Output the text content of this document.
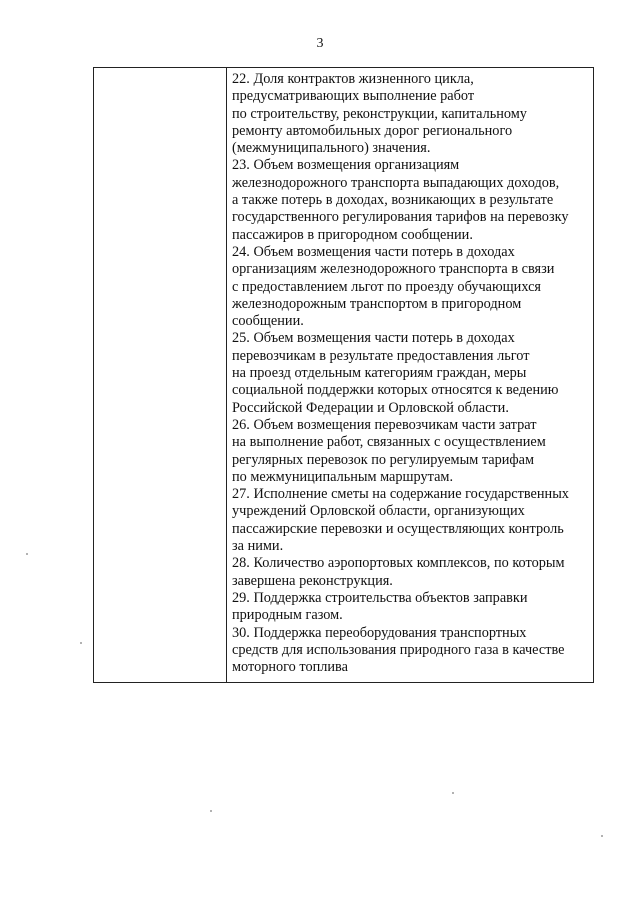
3
22. Доля контрактов жизненного цикла,
предусматривающих выполнение работ
по строительству, реконструкции, капитальному
ремонту автомобильных дорог регионального
(межмуниципального) значения.
23. Объем возмещения организациям
железнодорожного транспорта выпадающих доходов,
а также потерь в доходах, возникающих в результате
государственного регулирования тарифов на перевозку
пассажиров в пригородном сообщении.
24. Объем возмещения части потерь в доходах
организациям железнодорожного транспорта в связи
с предоставлением льгот по проезду обучающихся
железнодорожным транспортом в пригородном
сообщении.
25. Объем возмещения части потерь в доходах
перевозчикам в результате предоставления льгот
на проезд отдельным категориям граждан, меры
социальной поддержки которых относятся к ведению
Российской Федерации и Орловской области.
26. Объем возмещения перевозчикам части затрат
на выполнение работ, связанных с осуществлением
регулярных перевозок по регулируемым тарифам
по межмуниципальным маршрутам.
27. Исполнение сметы на содержание государственных
учреждений Орловской области, организующих
пассажирские перевозки и осуществляющих контроль
за ними.
28. Количество аэропортовых комплексов, по которым
завершена реконструкция.
29. Поддержка строительства объектов заправки
природным газом.
30. Поддержка переоборудования транспортных
средств для использования природного газа в качестве
моторного топлива
